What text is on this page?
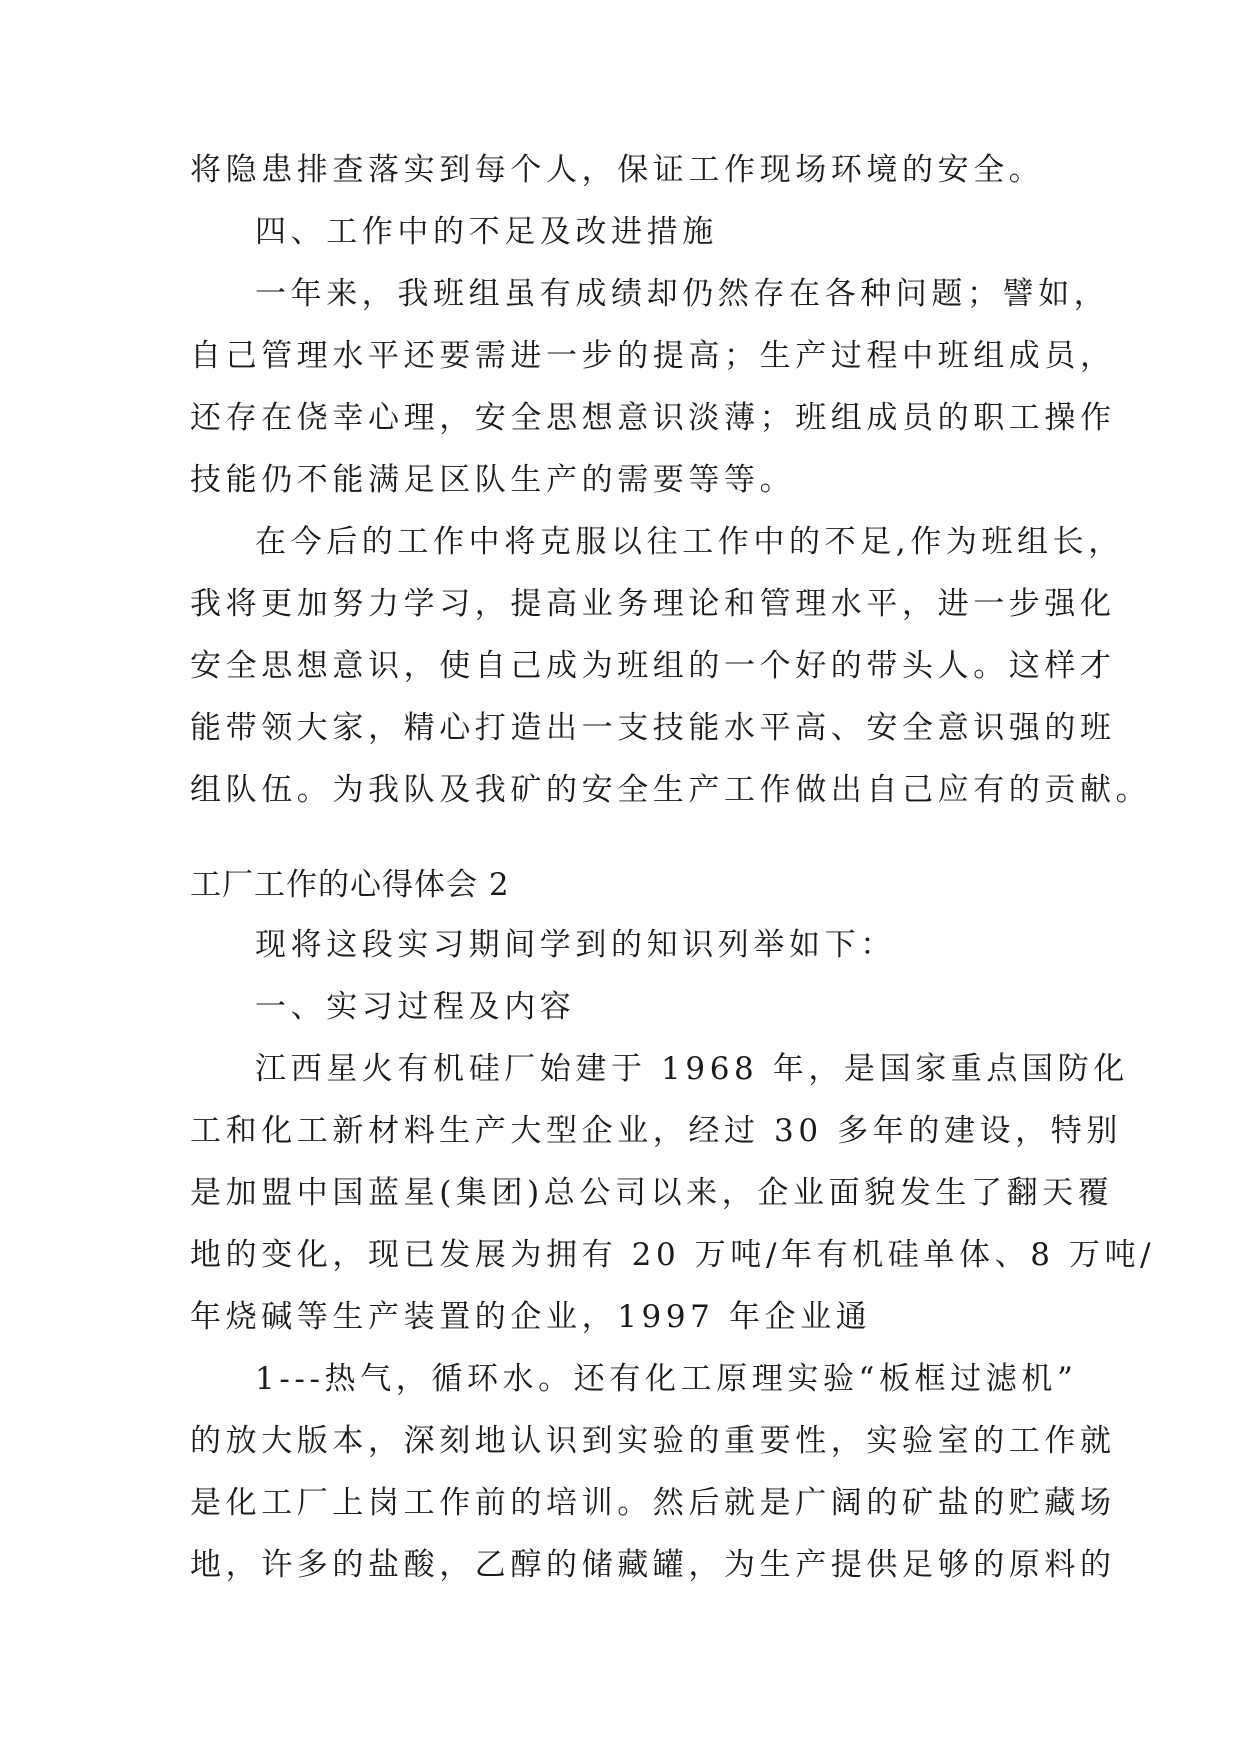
将隐患排查落实到每个人，保证工作现场环境的安全。
四、工作中的不足及改进措施
一年来，我班组虽有成绩却仍然存在各种问题；譬如，
自己管理水平还要需进一步的提高；生产过程中班组成员，
还存在侥幸心理，安全思想意识淡薄；班组成员的职工操作
技能仍不能满足区队生产的需要等等。
在今后的工作中将克服以往工作中的不足,作为班组长，
我将更加努力学习，提高业务理论和管理水平，进一步强化
安全思想意识，使自己成为班组的一个好的带头人。这样才
能带领大家，精心打造出一支技能水平高、安全意识强的班
组队伍。为我队及我矿的安全生产工作做出自己应有的贡献。
工厂工作的心得体会 2
现将这段实习期间学到的知识列举如下：
一、实习过程及内容
江西星火有机硅厂始建于 1968 年，是国家重点国防化
工和化工新材料生产大型企业，经过 30 多年的建设，特别
是加盟中国蓝星(集团)总公司以来，企业面貌发生了翻天覆
地的变化，现已发展为拥有 20 万吨/年有机硅单体、8 万吨/
年烧碱等生产装置的企业，1997 年企业通
1---热气，循环水。还有化工原理实验“板框过滤机”
的放大版本，深刻地认识到实验的重要性，实验室的工作就
是化工厂上岗工作前的培训。然后就是广阔的矿盐的贮藏场
地，许多的盐酸，乙醇的储藏罐，为生产提供足够的原料的
